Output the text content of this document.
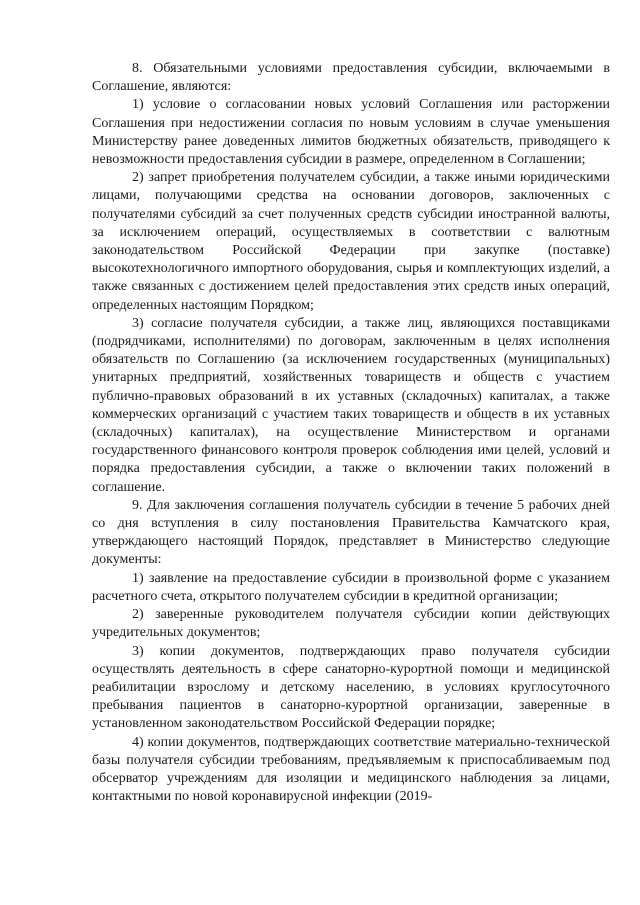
8. Обязательными условиями предоставления субсидии, включаемыми в Соглашение, являются:

1) условие о согласовании новых условий Соглашения или расторжении Соглашения при недостижении согласия по новым условиям в случае уменьшения Министерству ранее доведенных лимитов бюджетных обязательств, приводящего к невозможности предоставления субсидии в размере, определенном в Соглашении;

2) запрет приобретения получателем субсидии, а также иными юридическими лицами, получающими средства на основании договоров, заключенных с получателями субсидий за счет полученных средств субсидии иностранной валюты, за исключением операций, осуществляемых в соответствии с валютным законодательством Российской Федерации при закупке (поставке) высокотехнологичного импортного оборудования, сырья и комплектующих изделий, а также связанных с достижением целей предоставления этих средств иных операций, определенных настоящим Порядком;

3) согласие получателя субсидии, а также лиц, являющихся поставщиками (подрядчиками, исполнителями) по договорам, заключенным в целях исполнения обязательств по Соглашению (за исключением государственных (муниципальных) унитарных предприятий, хозяйственных товариществ и обществ с участием публично-правовых образований в их уставных (складочных) капиталах, а также коммерческих организаций с участием таких товариществ и обществ в их уставных (складочных) капиталах), на осуществление Министерством и органами государственного финансового контроля проверок соблюдения ими целей, условий и порядка предоставления субсидии, а также о включении таких положений в соглашение.

9. Для заключения соглашения получатель субсидии в течение 5 рабочих дней со дня вступления в силу постановления Правительства Камчатского края, утверждающего настоящий Порядок, представляет в Министерство следующие документы:

1) заявление на предоставление субсидии в произвольной форме с указанием расчетного счета, открытого получателем субсидии в кредитной организации;

2) заверенные руководителем получателя субсидии копии действующих учредительных документов;

3) копии документов, подтверждающих право получателя субсидии осуществлять деятельность в сфере санаторно-курортной помощи и медицинской реабилитации взрослому и детскому населению, в условиях круглосуточного пребывания пациентов в санаторно-курортной организации, заверенные в установленном законодательством Российской Федерации порядке;

4) копии документов, подтверждающих соответствие материально-технической базы получателя субсидии требованиям, предъявляемым к приспосабливаемым под обсерватор учреждениям для изоляции и медицинского наблюдения за лицами, контактными по новой коронавирусной инфекции (2019-
